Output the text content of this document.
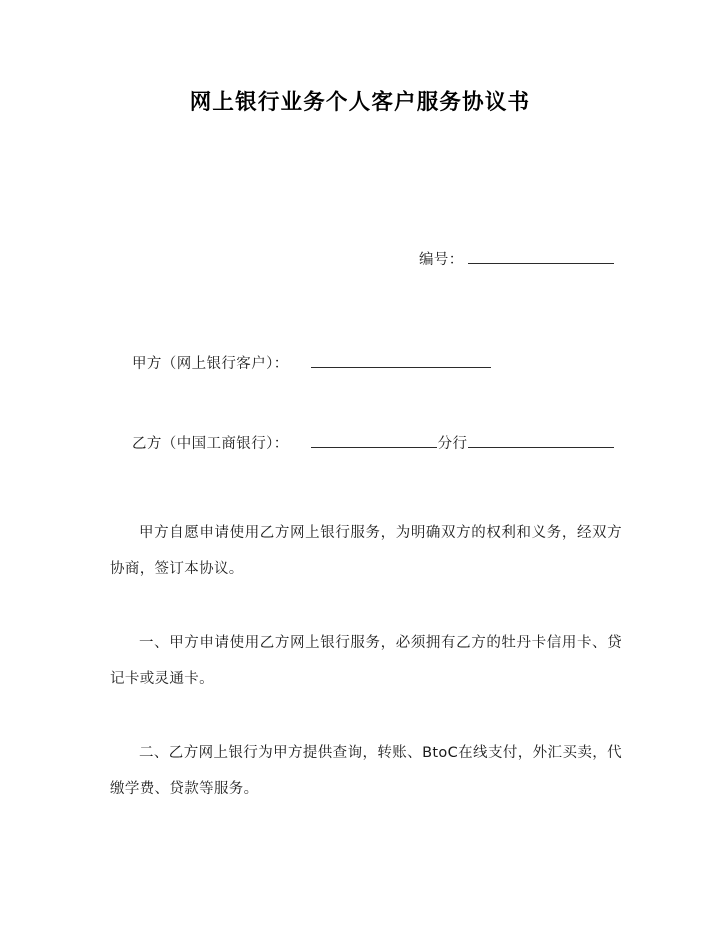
网上银行业务个人客户服务协议书
编号：
甲方（网上银行客户）：
乙方（中国工商银行）：	分行

甲方自愿申请使用乙方网上银行服务，为明确双方的权利和义务，经双方协商，签订本协议。

一、甲方申请使用乙方网上银行服务，必须拥有乙方的牡丹卡信用卡、贷记卡或灵通卡。

二、乙方网上银行为甲方提供查询，转账、BtoC在线支付，外汇买卖，代缴学费、贷款等服务。
